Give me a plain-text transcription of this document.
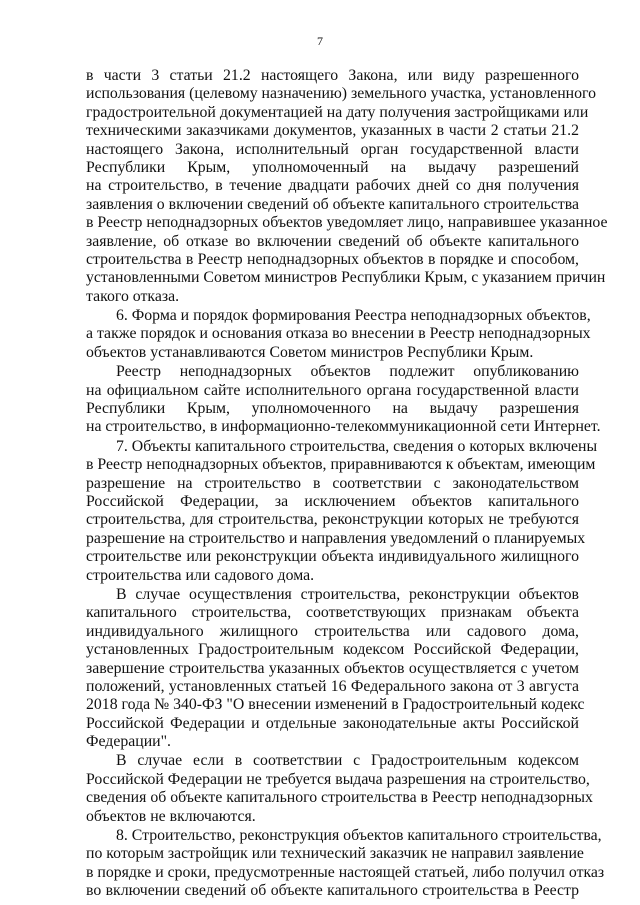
7
в части 3 статьи 21.2 настоящего Закона, или виду разрешенного
использования (целевому назначению) земельного участка, установленного
градостроительной документацией на дату получения застройщиками или
техническими заказчиками документов, указанных в части 2 статьи 21.2
настоящего Закона, исполнительный орган государственной власти
Республики Крым, уполномоченный на выдачу разрешений
на строительство, в течение двадцати рабочих дней со дня получения
заявления о включении сведений об объекте капитального строительства
в Реестр неподнадзорных объектов уведомляет лицо, направившее указанное
заявление, об отказе во включении сведений об объекте капитального
строительства в Реестр неподнадзорных объектов в порядке и способом,
установленными Советом министров Республики Крым, с указанием причин
такого отказа.
6. Форма и порядок формирования Реестра неподнадзорных объектов,
а также порядок и основания отказа во внесении в Реестр неподнадзорных
объектов устанавливаются Советом министров Республики Крым.
Реестр неподнадзорных объектов подлежит опубликованию
на официальном сайте исполнительного органа государственной власти
Республики Крым, уполномоченного на выдачу разрешения
на строительство, в информационно-телекоммуникационной сети Интернет.
7. Объекты капитального строительства, сведения о которых включены
в Реестр неподнадзорных объектов, приравниваются к объектам, имеющим
разрешение на строительство в соответствии с законодательством
Российской Федерации, за исключением объектов капитального
строительства, для строительства, реконструкции которых не требуются
разрешение на строительство и направления уведомлений о планируемых
строительстве или реконструкции объекта индивидуального жилищного
строительства или садового дома.
В случае осуществления строительства, реконструкции объектов
капитального строительства, соответствующих признакам объекта
индивидуального жилищного строительства или садового дома,
установленных Градостроительным кодексом Российской Федерации,
завершение строительства указанных объектов осуществляется с учетом
положений, установленных статьей 16 Федерального закона от 3 августа
2018 года № 340-ФЗ "О внесении изменений в Градостроительный кодекс
Российской Федерации и отдельные законодательные акты Российской
Федерации".
В случае если в соответствии с Градостроительным кодексом
Российской Федерации не требуется выдача разрешения на строительство,
сведения об объекте капитального строительства в Реестр неподнадзорных
объектов не включаются.
8. Строительство, реконструкция объектов капитального строительства,
по которым застройщик или технический заказчик не направил заявление
в порядке и сроки, предусмотренные настоящей статьей, либо получил отказ
во включении сведений об объекте капитального строительства в Реестр
